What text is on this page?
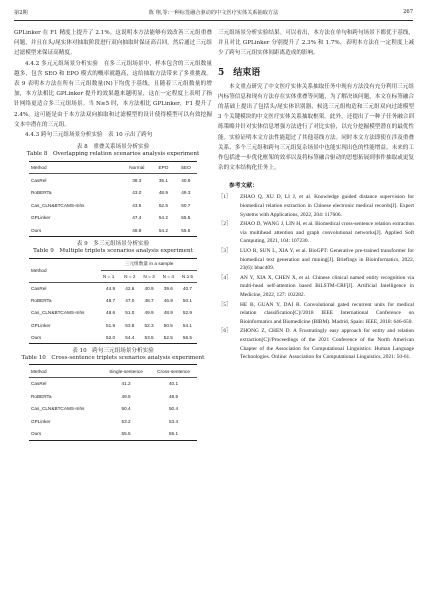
第2期	陈 翔,等:一种标签融合驱动的中文医疗实体关系抽取方法	267

GPLinker 在 F1 精度上提升了 2.1%。这说明本方法能够有效改善三元组重叠问题，并且在头/尾实体对抽取阶段进行双向抽取时保证高召回，然后通过三元组过滤模型来保证高精度。

4.4.2 多元元组场景分析实验　 在多三元组场景中，样本包含的三元组数量越多，包含 SEO 和 EPO 模式的概率就越高，这给抽取方法带来了多重挑战。表 9 表明本方法在所有三元组数量(N)下均优于基线，且随着三元组数量的增加，本方法相比 GPLinker 提升的效果越来越明显，这在一定程度上表明了指针网络更适合多三元组场景。当 N≥5 时，本方法相比 GPLinker，F1 提升了 2.4%。这可能是由于本方法双向抽取和过滤模型的设计使得模型可以有效挖掘文本中潜在的三元组。

4.4.3 跨句三元组场景分析实验　 表 10 示出了跨句

表 8　重叠关系场景分析实验

Table 8　Overlapping relation scenarios analysis experiment

Method	Normal	EPO	SEO
CasRel	38.3	35.1	40.9
RoBERTa	43.0	48.9	49.3
Cas_CLN&BTCAMS-mhs	43.5	52.5	50.7
GPLinker	47.4	54.2	55.5
Ours	48.8	54.2	55.6

表 9　多三元组场景分析实验

Table 9　Multiple triplets scenarios analysis experiment

Method	三元组数量 in a sample				
	N = 1	N = 2	N = 3	N = 4	N ≥ 5
CasRel	44.9	42.6	40.9	39.6	40.7
RoBERTa	48.7	47.0	48.7	46.9	50.1
Cas_CLN&BTCAMS-mhs	48.6	51.0	49.9	48.9	52.9
GPLinker	51.9	53.8	52.3	50.5	54.1
Ours	52.0	54.4	53.5	52.5	56.5

表 10　跨句三元组场景分析实验

Table 10　Cross-sentence triplets scenarios analysis experiment

Method	Single-sentence	Cross-sentence
CasRel	41.2	40.1
RoBERTa	49.5	48.5
Cas_CLN&BTCAMS-mhs	50.4	50.4
GPLinker	53.2	53.4
Ours	55.5	55.1

三元组场景分析实验结果。可以看出，本方法在单句和跨句场景下都优于基线，并且对比 GPLinker 分别提升了 2.3% 和 1.7%，表明本方法在一定程度上减少了跨句三元组实体间距离造成的影响。

5　结束语

本文重点研究了中文医疗实体关系抽取任务中现有方法没有充分利用三元组内标签信息和现有方法存在实体重叠等问题，为了解决该问题，本文在标签融合的基础上提出了包括头/尾实体识别器、候选三元组构造和三元组双向过滤模型 3 个关键模块的中文医疗实体关系抽取框架。此外，还提出了一种子任务融合训练策略并针对实体信息增强方法进行了对比实验，以充分挖掘模型潜在的最优性能。实验证明本文方法性能超过了其他基线方法。同时本文方法即使在涉及重叠关系、多个三元组和跨句三元组复杂场景中也能实现出色的性能增益。未来的工作包括进一步优化框架的效率以及将标签融合驱动的思想拓展到事件抽取或更复杂的文本结构化任务上。

参考文献：
［1］	ZHAO Q, XU D, LI J, et al. Knowledge guided distance supervision for biomedical relation extraction in Chinese electronic medical records[J]. Expert Systems with Applications, 2022, 204: 117606.
［2］	ZHAO D, WANG J, LIN H, et al. Biomedical cross-sentence relation extraction via multihead attention and graph convolutional networks[J]. Applied Soft Computing, 2021, 104: 107230.
［3］	LUO R, SUN L, XIA Y, et al. BioGPT: Generative pre-trained transformer for biomedical text generation and mining[J]. Briefings in Bioinformatics, 2022, 23(6): bbac409.
［4］	AN Y, XIA X, CHEN X, et al. Chinese clinical named entity recognition via multi-head self-attention based BiLSTM-CRF[J]. Artificial Intelligence in Medicine, 2022, 127: 102282.
［5］	HE B, GUAN Y, DAI R. Convolutional gated recurrent units for medical relation classification[C]//2018 IEEE International Conference on Bioinformatics and Biomedicine (BIBM). Madrid, Spain: IEEE, 2018: 646-650.
［6］	ZHONG Z, CHEN D. A Frustratingly easy approach for entity and relation extraction[C]//Proceedings of the 2021 Conference of the North American Chapter of the Association for Computational Linguistics: Human Language Technologies. Online: Association for Computational Linguistics, 2021: 50-61.
